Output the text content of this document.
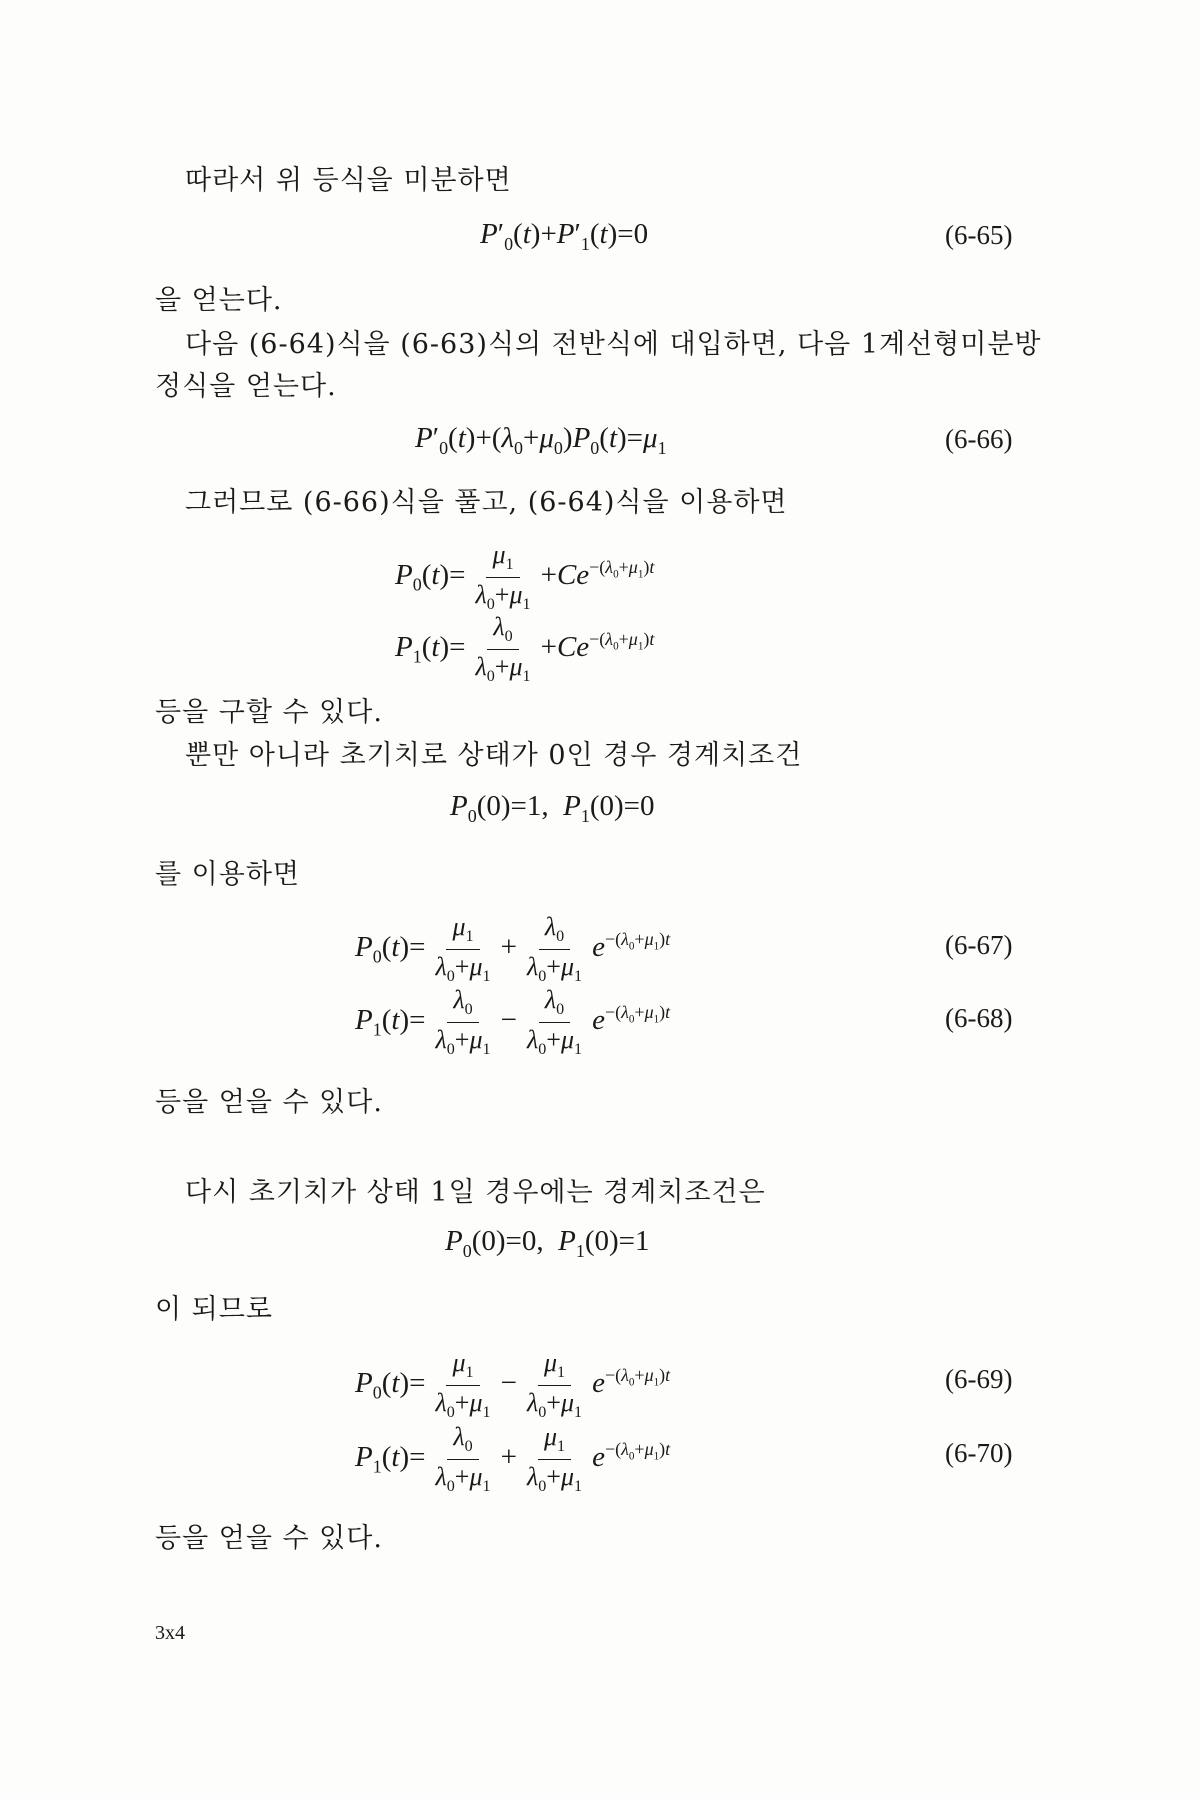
따라서 위 등식을 미분하면
$P'_0(t)+P'_1(t)=0$	(6-65)
을 얻는다.
다음 (6-64)식을 (6-63)식의 전반식에 대입하면, 다음 1계선형미분방
정식을 얻는다.
$P'_0(t)+(\lambda_0+\mu_0)P_0(t)=\mu_1$	(6-66)
그러므로 (6-66)식을 풀고, (6-64)식을 이용하면
$P_0(t)= \frac{\mu_1}{\lambda_0+\mu_1} +Ce^{-(\lambda_0+\mu_1)t}$
$P_1(t)= \frac{\lambda_0}{\lambda_0+\mu_1} +Ce^{-(\lambda_0+\mu_1)t}$
등을 구할 수 있다.
뿐만 아니라 초기치로 상태가 0인 경우 경계치조건
$P_0(0)=1$,  $P_1(0)=0$
를 이용하면
$P_0(t)= \frac{\mu_1}{\lambda_0+\mu_1} + \frac{\lambda_0}{\lambda_0+\mu_1} e^{-(\lambda_0+\mu_1)t}$	(6-67)
$P_1(t)= \frac{\lambda_0}{\lambda_0+\mu_1} - \frac{\lambda_0}{\lambda_0+\mu_1} e^{-(\lambda_0+\mu_1)t}$	(6-68)
등을 얻을 수 있다.
다시 초기치가 상태 1일 경우에는 경계치조건은
$P_0(0)=0$,  $P_1(0)=1$
이 되므로
$P_0(t)= \frac{\mu_1}{\lambda_0+\mu_1} - \frac{\mu_1}{\lambda_0+\mu_1} e^{-(\lambda_0+\mu_1)t}$	(6-69)
$P_1(t)= \frac{\lambda_0}{\lambda_0+\mu_1} + \frac{\mu_1}{\lambda_0+\mu_1} e^{-(\lambda_0+\mu_1)t}$	(6-70)
등을 얻을 수 있다.
3x4
